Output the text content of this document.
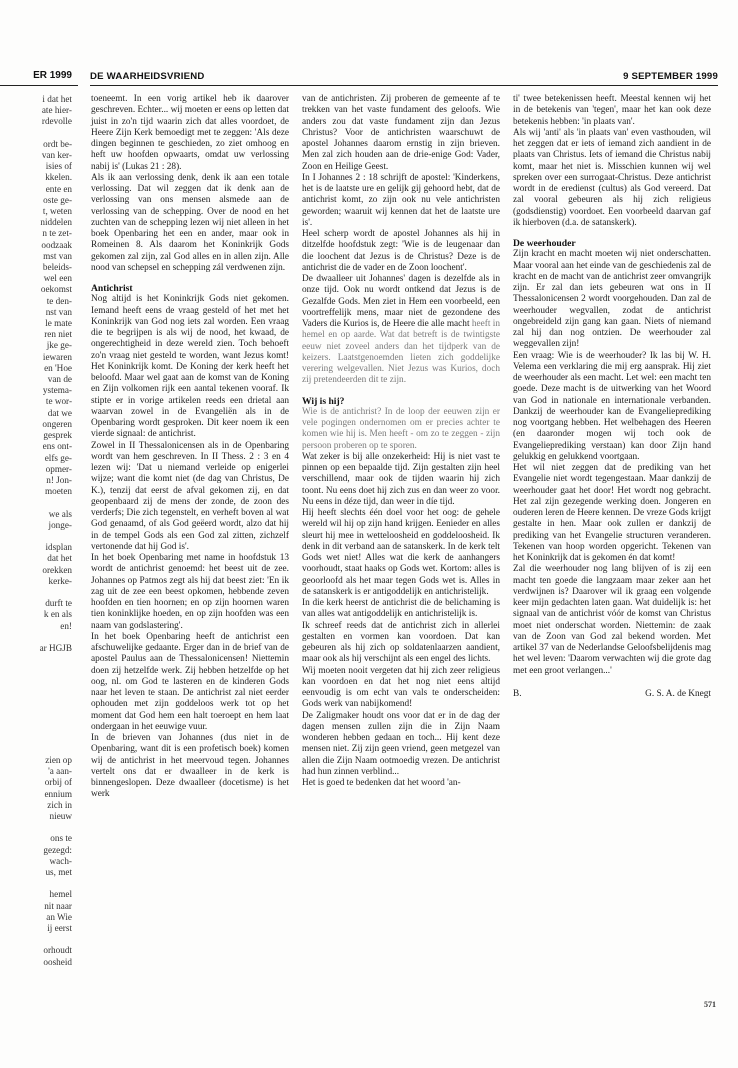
ER 1999
i dat het
ate hier-
rdevolle

ordt be-
van ker-
isies of
kkelen.
ente en
oste ge-
t, weten
niddelen
n te zet-
oodzaak
mst van
beleids-
wel een
oekomst
te den-
nst van
le mate
ren niet
jke ge-
iewaren
en 'Hoe
van de
ystema-
te wor-
dat we
ongeren
gesprek
ens ont-
elfs ge-
opmer-
n! Jon-
moeten

we als
jonge-

idsplan
dat het
orekken
kerke-

durft te
k en als
en!

ar HGJB

zien op
'a aan-
orbij of
ennium
zich in
nieuw

ons te
gezegd:
wach-
us, met

hemel
nit naar
an Wie
ij eerst

orhoudt
oosheid
DE WAARHEIDSVRIEND	9 SEPTEMBER 1999

toeneemt. In een vorig artikel heb ik daarover geschreven. Echter... wij moeten er eens op letten dat juist in zo'n tijd waarin zich dat alles voordoet, de Heere Zijn Kerk bemoedigt met te zeggen: 'Als deze dingen beginnen te geschieden, zo ziet omhoog en heft uw hoofden opwaarts, omdat uw verlossing nabij is' (Lukas 21 : 28).

Als ik aan verlossing denk, denk ik aan een totale verlossing. Dat wil zeggen dat ik denk aan de verlossing van ons mensen alsmede aan de verlossing van de schepping. Over de nood en het zuchten van de schepping lezen wij niet alleen in het boek Openbaring het een en ander, maar ook in Romeinen 8. Als daarom het Koninkrijk Gods gekomen zal zijn, zal God alles en in allen zijn. Alle nood van schepsel en schepping zál verdwenen zijn.

Antichrist

Nog altijd is het Koninkrijk Gods niet gekomen. Iemand heeft eens de vraag gesteld of het met het Koninkrijk van God nog iets zal worden. Een vraag die te begrijpen is als wij de nood, het kwaad, de ongerechtigheid in deze wereld zien. Toch behoeft zo'n vraag niet gesteld te worden, want Jezus komt! Het Koninkrijk komt. De Koning der kerk heeft het beloofd. Maar wel gaat aan de komst van de Koning en Zijn volkomen rijk een aantal tekenen vooraf. Ik stipte er in vorige artikelen reeds een drietal aan waarvan zowel in de Evangeliën als in de Openbaring wordt gesproken. Dit keer noem ik een vierde signaal: de antichrist.

Zowel in II Thessalonicensen als in de Openbaring wordt van hem geschreven. In II Thess. 2 : 3 en 4 lezen wij: 'Dat u niemand verleide op enigerlei wijze; want die komt niet (de dag van Christus, De K.), tenzij dat eerst de afval gekomen zij, en dat geopenbaard zij de mens der zonde, de zoon des verderfs; Die zich tegenstelt, en verheft boven al wat God genaamd, of als God geëerd wordt, alzo dat hij in de tempel Gods als een God zal zitten, zichzelf vertonende dat hij God is'.

In het boek Openbaring met name in hoofdstuk 13 wordt de antichrist genoemd: het beest uit de zee. Johannes op Patmos zegt als hij dat beest ziet: 'En ik zag uit de zee een beest opkomen, hebbende zeven hoofden en tien hoornen; en op zijn hoornen waren tien koninklijke hoeden, en op zijn hoofden was een naam van godslastering'.

In het boek Openbaring heeft de antichrist een afschuwelijke gedaante. Erger dan in de brief van de apostel Paulus aan de Thessalonicensen! Niettemin doen zij hetzelfde werk. Zij hebben hetzelfde op het oog, nl. om God te lasteren en de kinderen Gods naar het leven te staan. De antichrist zal niet eerder ophouden met zijn goddeloos werk tot op het moment dat God hem een halt toeroept en hem laat ondergaan in het eeuwige vuur.

In de brieven van Johannes (dus niet in de Openbaring, want dit is een profetisch boek) komen wij de antichrist in het meervoud tegen. Johannes vertelt ons dat er dwaalleer in de kerk is binnengeslopen. Deze dwaalleer (docetisme) is het werk

van de antichristen. Zij proberen de gemeente af te trekken van het vaste fundament des geloofs. Wie anders zou dat vaste fundament zijn dan Jezus Christus? Voor de antichristen waarschuwt de apostel Johannes daarom ernstig in zijn brieven. Men zal zich houden aan de drie-enige God: Vader, Zoon en Heilige Geest.

In I Johannes 2 : 18 schrijft de apostel: 'Kinderkens, het is de laatste ure en gelijk gij gehoord hebt, dat de antichrist komt, zo zijn ook nu vele antichristen geworden; waaruit wij kennen dat het de laatste ure is'.

Heel scherp wordt de apostel Johannes als hij in ditzelfde hoofdstuk zegt: 'Wie is de leugenaar dan die loochent dat Jezus is de Christus? Deze is de antichrist die de vader en de Zoon loochent'.

De dwaalleer uit Johannes' dagen is dezelfde als in onze tijd. Ook nu wordt ontkend dat Jezus is de Gezalfde Gods. Men ziet in Hem een voorbeeld, een voortreffelijk mens, maar niet de gezondene des Vaders die Kurios is, de Heere die alle macht heeft in hemel en op aarde. Wat dat betreft is de twintigste eeuw niet zoveel anders dan het tijdperk van de keizers. Laatstgenoemden lieten zich goddelijke verering welgevallen. Niet Jezus was Kurios, doch zij pretendeerden dit te zijn.

Wij is hij?

Wie is de antichrist? In de loop der eeuwen zijn er vele pogingen ondernomen om er precies achter te komen wie hij is. Men heeft - om zo te zeggen - zijn persoon proberen op te sporen.

Wat zeker is bij alle onzekerheid: Hij is niet vast te pinnen op een bepaalde tijd. Zijn gestalten zijn heel verschillend, maar ook de tijden waarin hij zich toont. Nu eens doet hij zich zus en dan weer zo voor. Nu eens in déze tijd, dan weer in díe tijd.

Hij heeft slechts één doel voor het oog: de gehele wereld wil hij op zijn hand krijgen. Eenieder en alles sleurt hij mee in wetteloosheid en goddeloosheid. Ik denk in dit verband aan de satanskerk. In de kerk telt Gods wet niet! Alles wat die kerk de aanhangers voorhoudt, staat haaks op Gods wet. Kortom: alles is geoorloofd als het maar tegen Gods wet is. Alles in de satanskerk is er antigoddelijk en antichristelijk.

In die kerk heerst de antichrist die de belichaming is van alles wat antigoddelijk en antichristelijk is.

Ik schreef reeds dat de antichrist zich in allerlei gestalten en vormen kan voordoen. Dat kan gebeuren als hij zich op soldatenlaarzen aandient, maar ook als hij verschijnt als een engel des lichts.

Wij moeten nooit vergeten dat hij zich zeer religieus kan voordoen en dat het nog niet eens altijd eenvoudig is om echt van vals te onderscheiden: Gods werk van nabijkomend!

De Zaligmaker houdt ons voor dat er in de dag der dagen mensen zullen zijn die in Zijn Naam wonderen hebben gedaan en toch... Hij kent deze mensen niet. Zij zijn geen vriend, geen metgezel van allen die Zijn Naam ootmoedig vrezen. De antichrist had hun zinnen verblind...

Het is goed te bedenken dat het woord 'an-

ti' twee betekenissen heeft. Meestal kennen wij het in de betekenis van 'tegen', maar het kan ook deze betekenis hebben: 'in plaats van'.

Als wij 'anti' als 'in plaats van' even vasthouden, wil het zeggen dat er iets of iemand zich aandient in de plaats van Christus. Iets of iemand die Christus nabij komt, maar het niet is. Misschien kunnen wij wel spreken over een surrogaat-Christus. Deze antichrist wordt in de eredienst (cultus) als God vereerd. Dat zal vooral gebeuren als hij zich religieus (godsdienstig) voordoet. Een voorbeeld daarvan gaf ik hierboven (d.a. de satanskerk).

De weerhouder

Zijn kracht en macht moeten wij niet onderschatten. Maar vooral aan het einde van de geschiedenis zal de kracht en de macht van de antichrist zeer omvangrijk zijn. Er zal dan iets gebeuren wat ons in II Thessalonicensen 2 wordt voorgehouden. Dan zal de weerhouder wegvallen, zodat de antichrist ongebreideld zijn gang kan gaan. Niets of niemand zal hij dan nog ontzien. De weerhouder zal weggevallen zijn!

Een vraag: Wie is de weerhouder? Ik las bij W. H. Velema een verklaring die mij erg aansprak. Hij ziet de weerhouder als een macht. Let wel: een macht ten goede. Deze macht is de uitwerking van het Woord van God in nationale en internationale verbanden. Dankzij de weerhouder kan de Evangelieprediking nog voortgang hebben. Het welbehagen des Heeren (en daaronder mogen wij toch ook de Evangelieprediking verstaan) kan door Zijn hand gelukkig en gelukkend voortgaan.

Het wil niet zeggen dat de prediking van het Evangelie niet wordt tegengestaan. Maar dankzij de weerhouder gaat het door! Het wordt nog gebracht. Het zal zijn gezegende werking doen. Jongeren en ouderen leren de Heere kennen. De vreze Gods krijgt gestalte in hen. Maar ook zullen er dankzij de prediking van het Evangelie structuren veranderen. Tekenen van hoop worden opgericht. Tekenen van het Koninkrijk dat is gekomen én dat komt!

Zal die weerhouder nog lang blijven of is zij een macht ten goede die langzaam maar zeker aan het verdwijnen is? Daarover wil ik graag een volgende keer mijn gedachten laten gaan. Wat duidelijk is: het signaal van de antichrist vóór de komst van Christus moet niet onderschat worden. Niettemin: de zaak van de Zoon van God zal bekend worden. Met artikel 37 van de Nederlandse Geloofsbelijdenis mag het wel leven: 'Daarom verwachten wij die grote dag met een groot verlangen...'

B.	G. S. A. de Knegt
571
